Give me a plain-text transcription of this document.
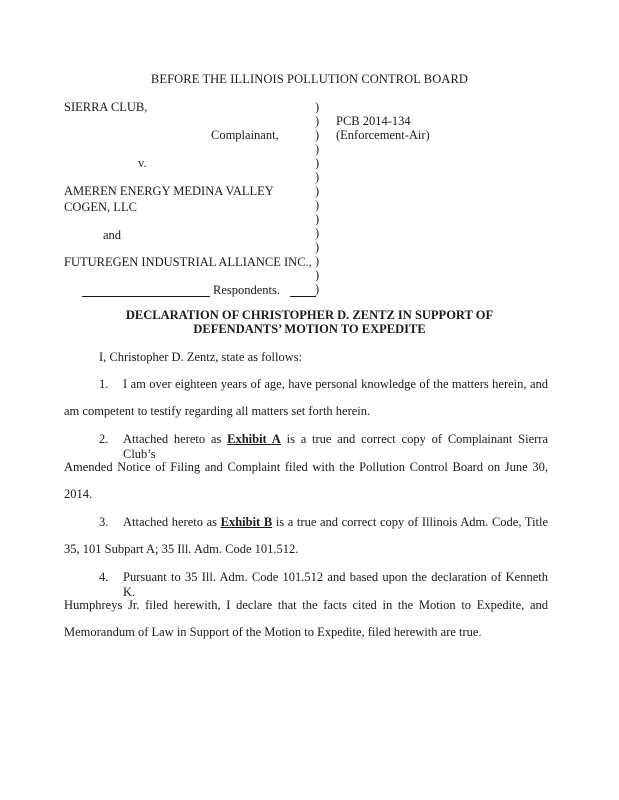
BEFORE THE ILLINOIS POLLUTION CONTROL BOARD
SIERRA CLUB,
Complainant,
v.
AMEREN ENERGY MEDINA VALLEY
COGEN, LLC
and
FUTUREGEN INDUSTRIAL ALLIANCE INC.,
Respondents.
)
)
)
)
)
)
)
)
)
)
)
)
)
)
PCB 2014-134
(Enforcement-Air)
DECLARATION OF CHRISTOPHER D. ZENTZ IN SUPPORT OF
DEFENDANTS’ MOTION TO EXPEDITE
I, Christopher D. Zentz, state as follows:
1. I am over eighteen years of age, have personal knowledge of the matters herein, and
am competent to testify regarding all matters set forth herein.
2. Attached hereto as Exhibit A is a true and correct copy of Complainant Sierra Club’s
Amended Notice of Filing and Complaint filed with the Pollution Control Board on June 30,
2014.
3. Attached hereto as Exhibit B is a true and correct copy of Illinois Adm. Code, Title
35, 101 Subpart A; 35 Ill. Adm. Code 101.512.
4. Pursuant to 35 Ill. Adm. Code 101.512 and based upon the declaration of Kenneth K.
Humphreys Jr. filed herewith, I declare that the facts cited in the Motion to Expedite, and
Memorandum of Law in Support of the Motion to Expedite, filed herewith are true.
